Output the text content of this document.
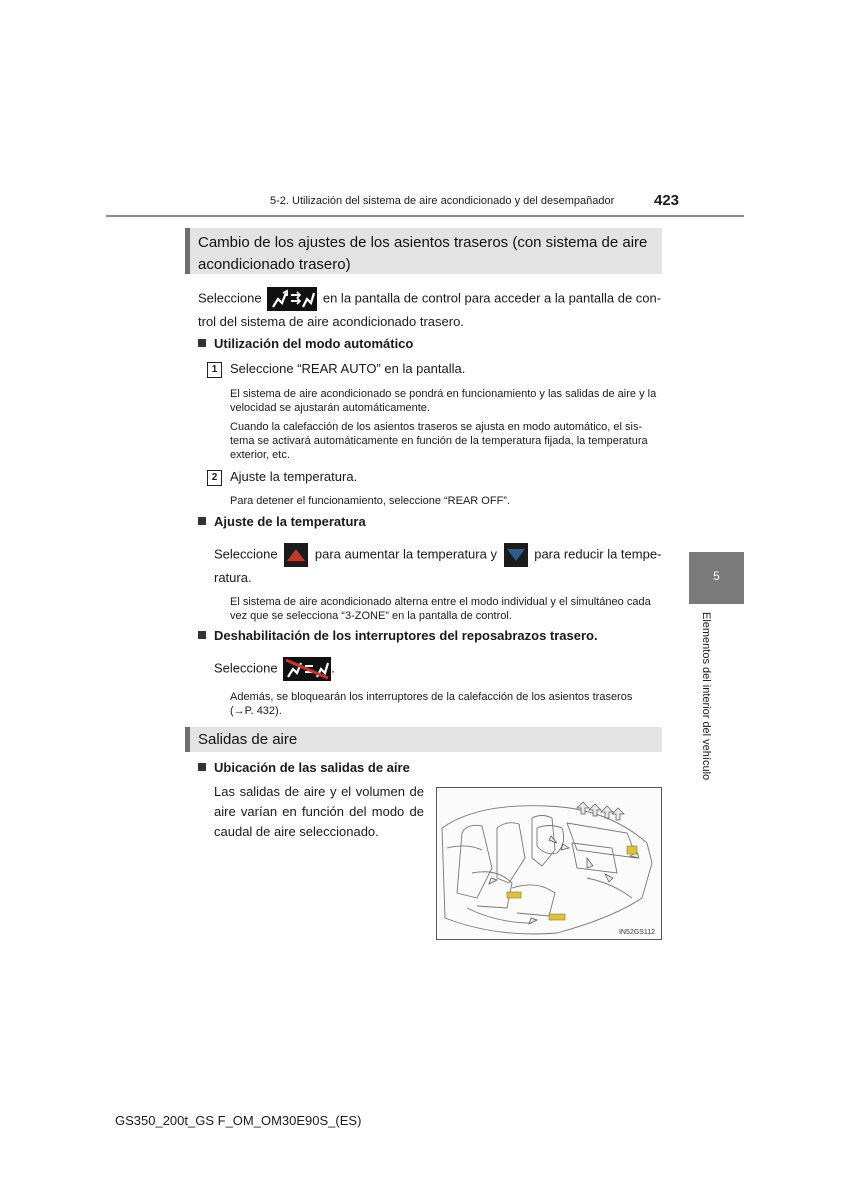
5-2. Utilización del sistema de aire acondicionado y del desempañador	423
Cambio de los ajustes de los asientos traseros (con sistema de aire
acondicionado trasero)
Seleccione	en la pantalla de control para acceder a la pantalla de con-
trol del sistema de aire acondicionado trasero.
Utilización del modo automático
1 Seleccione “REAR AUTO” en la pantalla.
El sistema de aire acondicionado se pondrá en funcionamiento y las salidas de aire y la
velocidad se ajustarán automáticamente.
Cuando la calefacción de los asientos traseros se ajusta en modo automático, el sis-
tema se activará automáticamente en función de la temperatura fijada, la temperatura
exterior, etc.
2 Ajuste la temperatura.
Para detener el funcionamiento, seleccione “REAR OFF”.
Ajuste de la temperatura
Seleccione	para aumentar la temperatura y	para reducir la tempe-
ratura.
El sistema de aire acondicionado alterna entre el modo individual y el simultáneo cada
vez que se selecciona “3-ZONE” en la pantalla de control.
Deshabilitación de los interruptores del reposabrazos trasero.
Seleccione	.
Además, se bloquearán los interruptores de la calefacción de los asientos traseros
(→P. 432).
Salidas de aire
Ubicación de las salidas de aire
Las salidas de aire y el volumen de
aire varían en función del modo de
caudal de aire seleccionado.
IN52GS112
5
Elementos del interior del vehículo
GS350_200t_GS F_OM_OM30E90S_(ES)
